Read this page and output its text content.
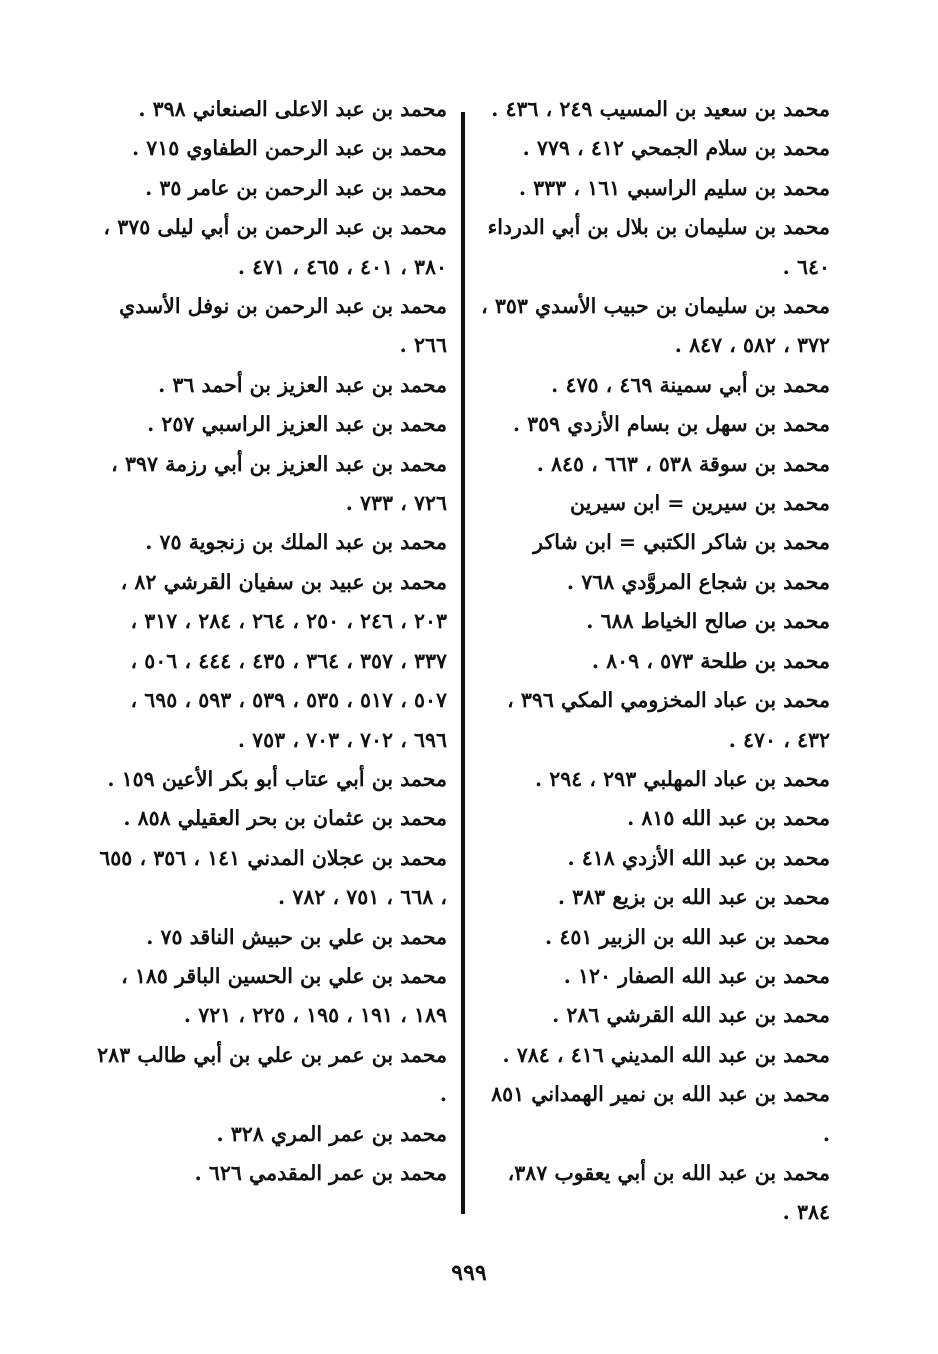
محمد بن سعيد بن المسيب ٢٤٩ ، ٤٣٦ .

محمد بن سلام الجمحي ٤١٢ ، ٧٧٩ .

محمد بن سليم الراسبي ١٦١ ، ٣٣٣ .

محمد بن سليمان بن بلال بن أبي الدرداء ٦٤٠ .

محمد بن سليمان بن حبيب الأسدي ٣٥٣ ، ٣٧٢ ، ٥٨٢ ، ٨٤٧ .

محمد بن أبي سمينة ٤٦٩ ، ٤٧٥ .

محمد بن سهل بن بسام الأزدي ٣٥٩ .

محمد بن سوقة ٥٣٨ ، ٦٦٣ ، ٨٤٥ .

محمد بن سيرين = ابن سيرين

محمد بن شاكر الكتبي = ابن شاكر

محمد بن شجاع المروَّدي ٧٦٨ .

محمد بن صالح الخياط ٦٨٨ .

محمد بن طلحة ٥٧٣ ، ٨٠٩ .

محمد بن عباد المخزومي المكي ٣٩٦ ، ٤٣٢ ، ٤٧٠ .

محمد بن عباد المهلبي ٢٩٣ ، ٢٩٤ .

محمد بن عبد الله ٨١٥ .

محمد بن عبد الله الأزدي ٤١٨ .

محمد بن عبد الله بن بزيع ٣٨٣ .

محمد بن عبد الله بن الزبير ٤٥١ .

محمد بن عبد الله الصفار ١٢٠ .

محمد بن عبد الله القرشي ٢٨٦ .

محمد بن عبد الله المديني ٤١٦ ، ٧٨٤ .

محمد بن عبد الله بن نمير الهمداني ٨٥١ .

محمد بن عبد الله بن أبي يعقوب ٣٨٧، ٣٨٤ .

محمد بن عبد الاعلى الصنعاني ٣٩٨ .

محمد بن عبد الرحمن الطفاوي ٧١٥ .

محمد بن عبد الرحمن بن عامر ٣٥ .

محمد بن عبد الرحمن بن أبي ليلى ٣٧٥ ، ٣٨٠ ، ٤٠١ ، ٤٦٥ ، ٤٧١ .

محمد بن عبد الرحمن بن نوفل الأسدي ٢٦٦ .

محمد بن عبد العزيز بن أحمد ٣٦ .

محمد بن عبد العزيز الراسبي ٢٥٧ .

محمد بن عبد العزيز بن أبي رزمة ٣٩٧ ، ٧٢٦ ، ٧٣٣ .

محمد بن عبد الملك بن زنجوية ٧٥ .

محمد بن عبيد بن سفيان القرشي ٨٢ ، ٢٠٣ ، ٢٤٦ ، ٢٥٠ ، ٢٦٤ ، ٢٨٤ ، ٣١٧ ، ٣٣٧ ، ٣٥٧ ، ٣٦٤ ، ٤٣٥ ، ٤٤٤ ، ٥٠٦ ، ٥٠٧ ، ٥١٧ ، ٥٣٥ ، ٥٣٩ ، ٥٩٣ ، ٦٩٥ ، ٦٩٦ ، ٧٠٢ ، ٧٠٣ ، ٧٥٣ .

محمد بن أبي عتاب أبو بكر الأعين ١٥٩ .

محمد بن عثمان بن بحر العقيلي ٨٥٨ .

محمد بن عجلان المدني ١٤١ ، ٣٥٦ ، ٦٥٥ ، ٦٦٨ ، ٧٥١ ، ٧٨٢ .

محمد بن علي بن حبيش الناقد ٧٥ .

محمد بن علي بن الحسين الباقر ١٨٥ ، ١٨٩ ، ١٩١ ، ١٩٥ ، ٢٢٥ ، ٧٢١ .

محمد بن عمر بن علي بن أبي طالب ٢٨٣ .

محمد بن عمر المري ٣٢٨ .

محمد بن عمر المقدمي ٦٢٦ .

٩٩٩
